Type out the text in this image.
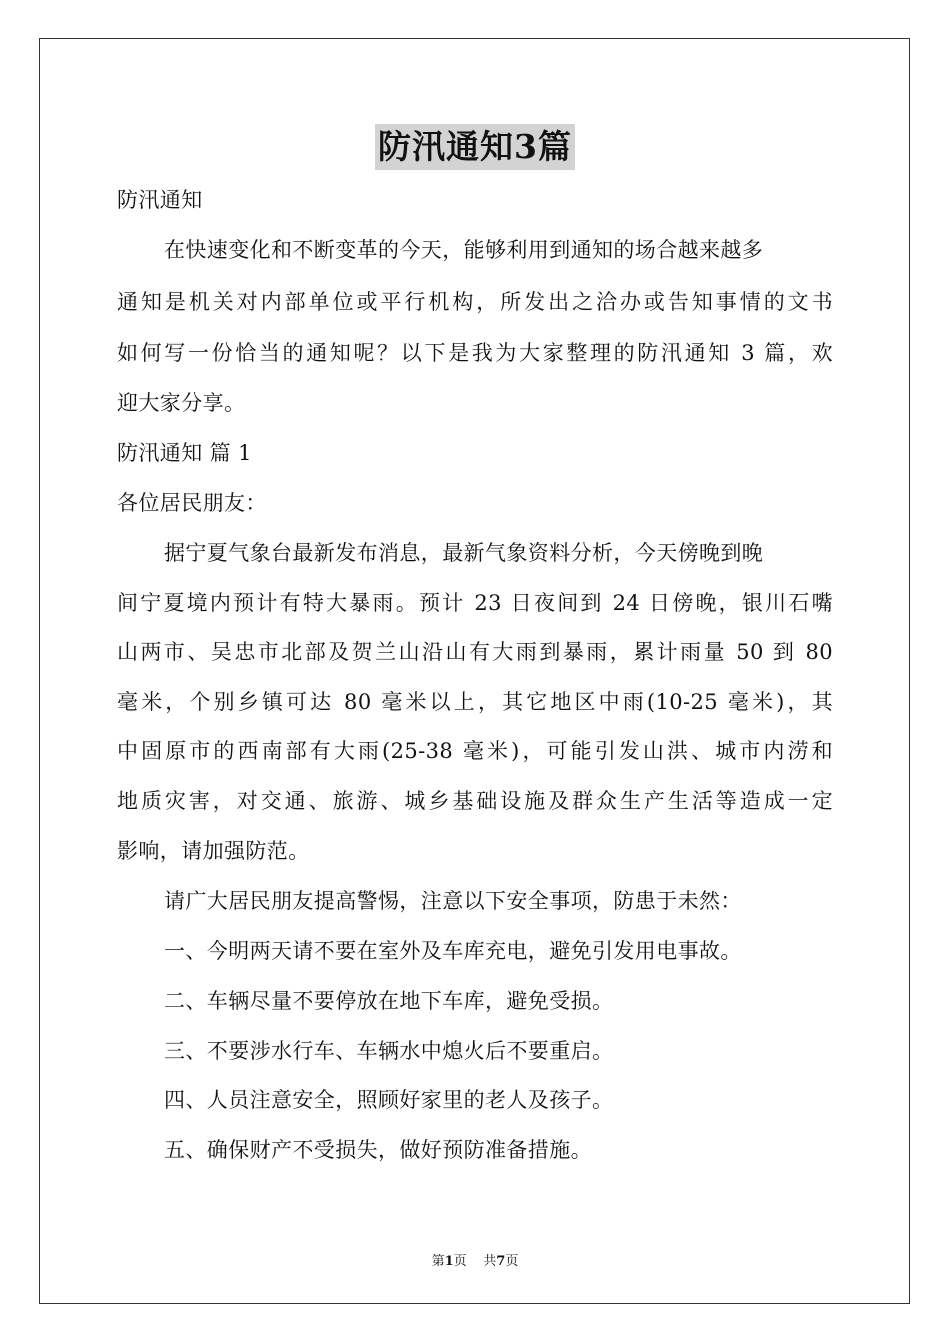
防汛通知3篇
防汛通知
在快速变化和不断变革的今天，能够利用到通知的场合越来越多
通知是机关对内部单位或平行机构，所发出之洽办或告知事情的文书
如何写一份恰当的通知呢？以下是我为大家整理的防汛通知 3 篇，欢
迎大家分享。
防汛通知 篇 1
各位居民朋友：
据宁夏气象台最新发布消息，最新气象资料分析，今天傍晚到晚
间宁夏境内预计有特大暴雨。预计 23 日夜间到 24 日傍晚，银川石嘴
山两市、吴忠市北部及贺兰山沿山有大雨到暴雨，累计雨量 50 到 80
毫米，个别乡镇可达 80 毫米以上，其它地区中雨(10-25 毫米)，其
中固原市的西南部有大雨(25-38 毫米)，可能引发山洪、城市内涝和
地质灾害，对交通、旅游、城乡基础设施及群众生产生活等造成一定
影响，请加强防范。
请广大居民朋友提高警惕，注意以下安全事项，防患于未然：
一、今明两天请不要在室外及车库充电，避免引发用电事故。
二、车辆尽量不要停放在地下车库，避免受损。
三、不要涉水行车、车辆水中熄火后不要重启。
四、人员注意安全，照顾好家里的老人及孩子。
五、确保财产不受损失，做好预防准备措施。
第1页 共7页
